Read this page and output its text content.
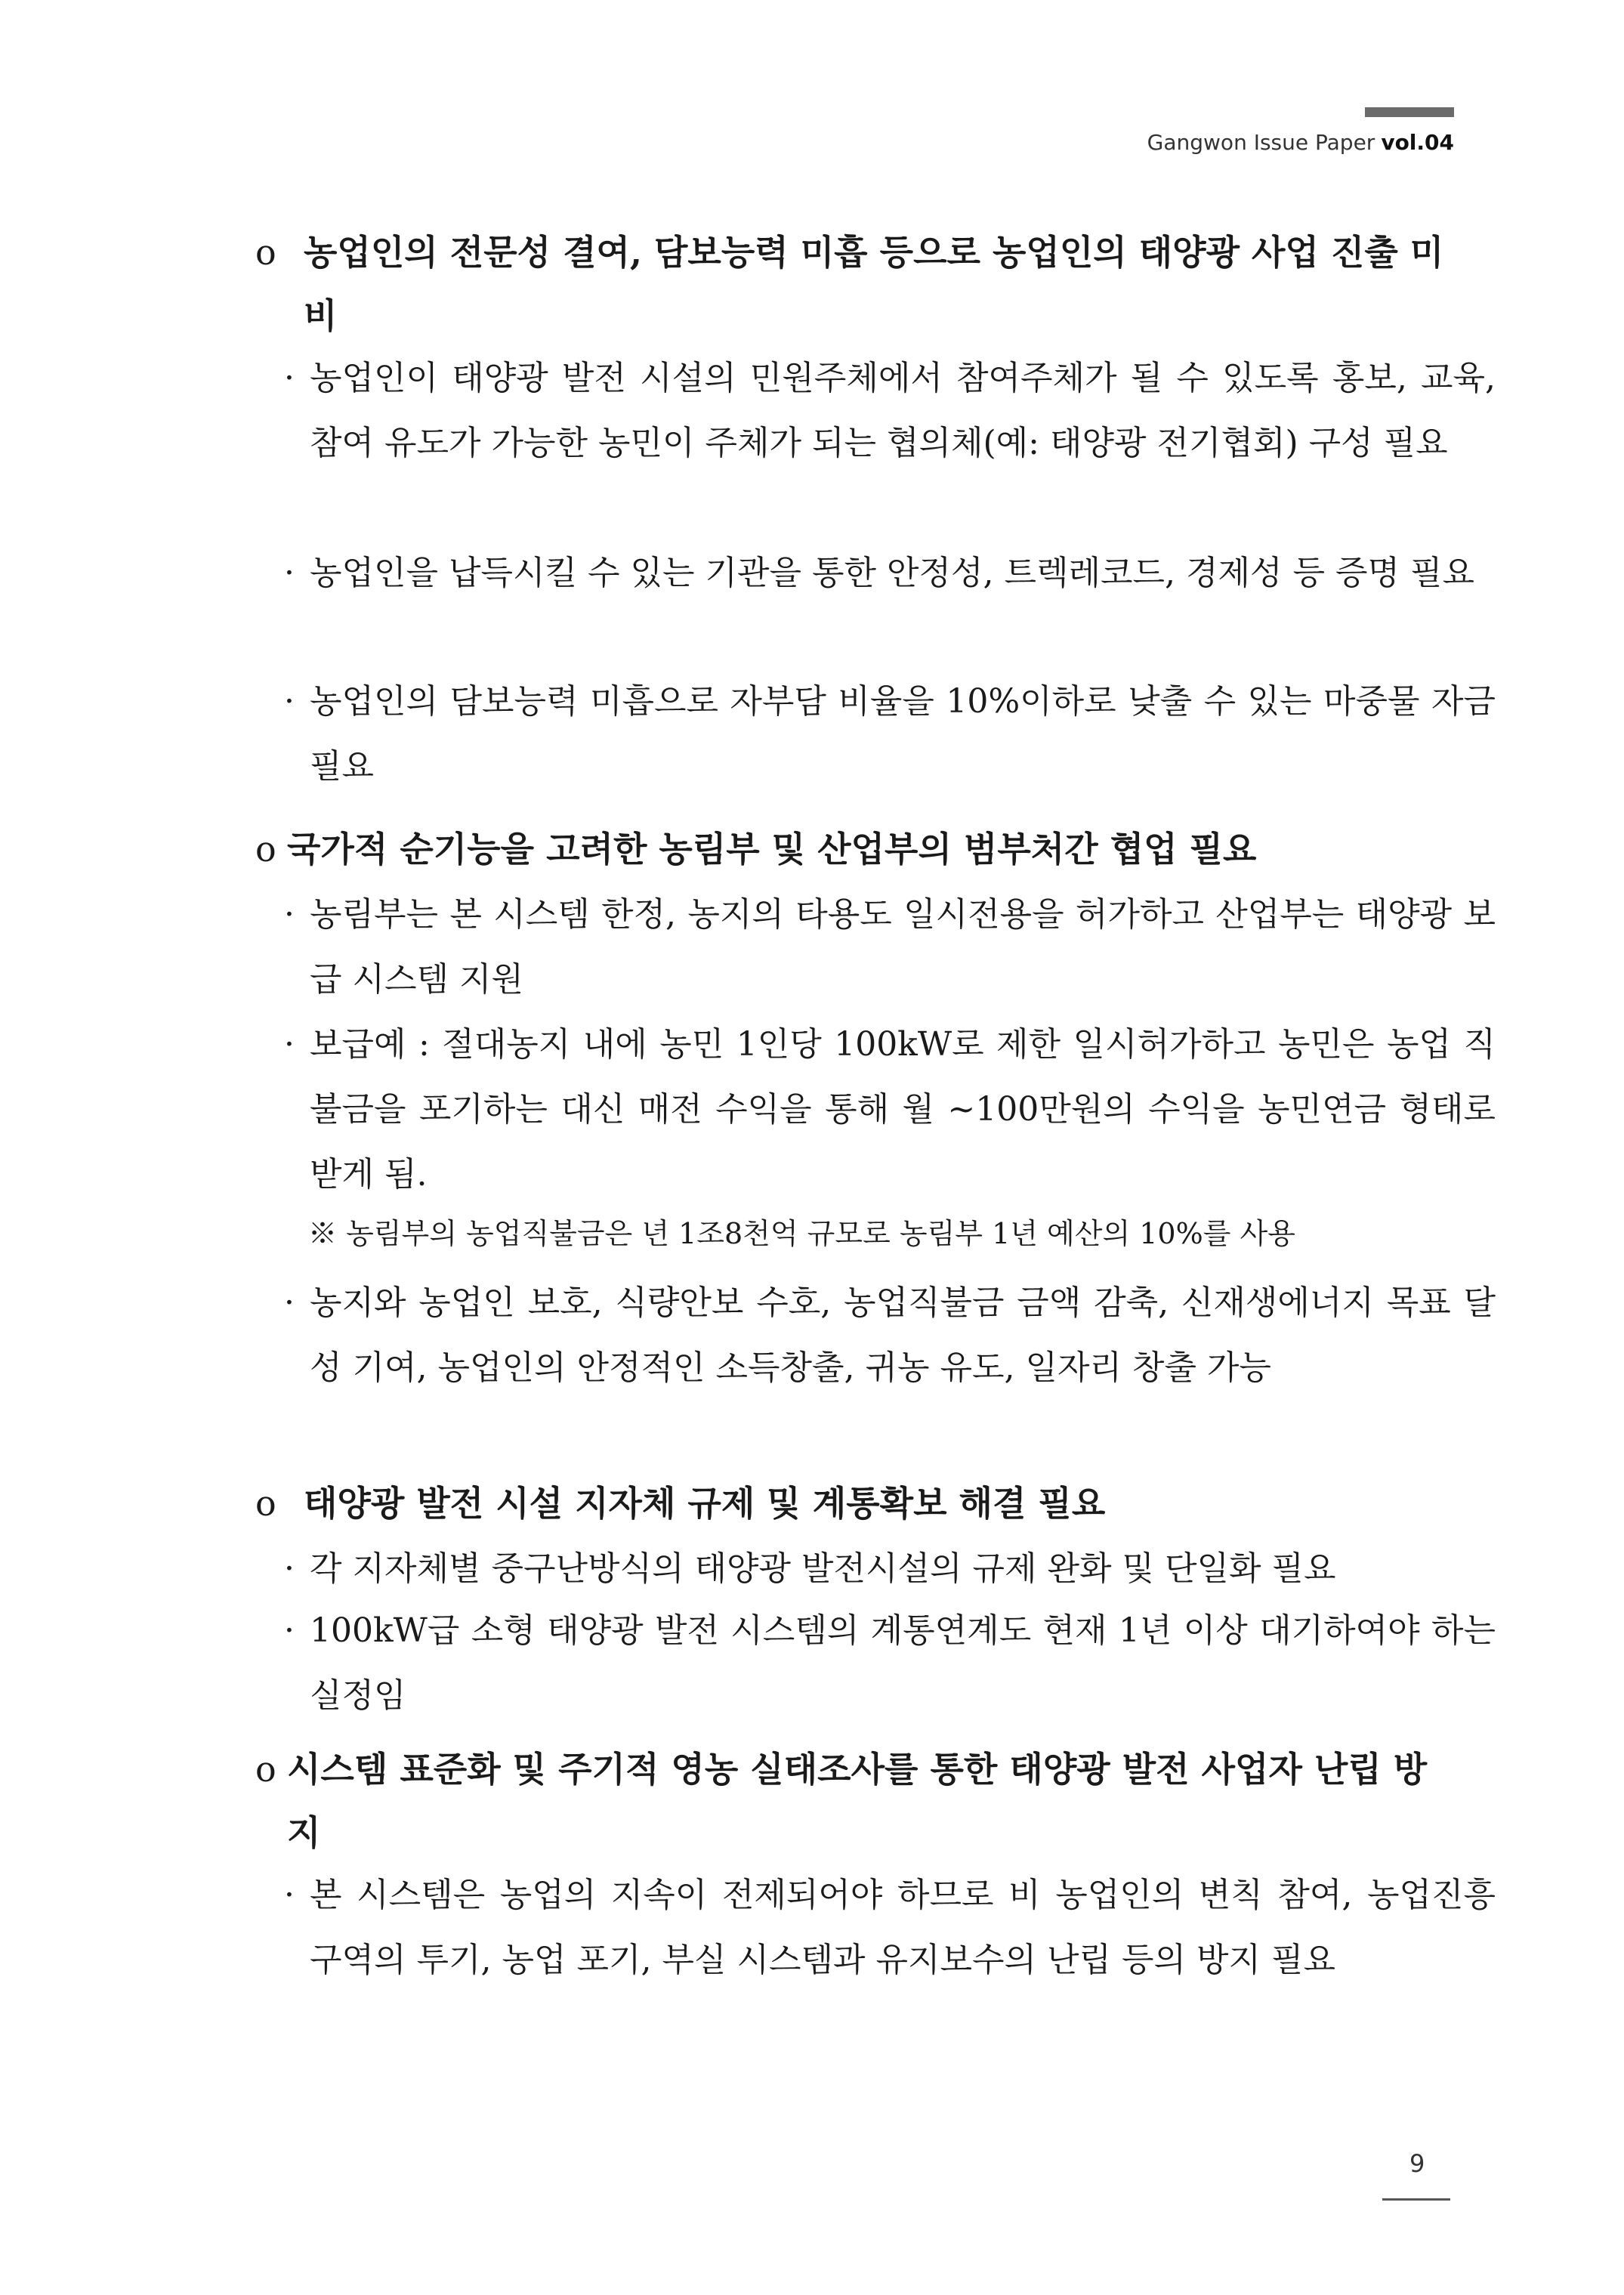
Gangwon Issue Paper vol.04
o 농업인의 전문성 결여, 담보능력 미흡 등으로 농업인의 태양광 사업 진출 미비
· 농업인이 태양광 발전 시설의 민원주체에서 참여주체가 될 수 있도록 홍보, 교육, 참여 유도가 가능한 농민이 주체가 되는 협의체(예: 태양광 전기협회) 구성 필요
· 농업인을 납득시킬 수 있는 기관을 통한 안정성, 트렉레코드, 경제성 등 증명 필요
· 농업인의 담보능력 미흡으로 자부담 비율을 10%이하로 낮출 수 있는 마중물 자금 필요
o 국가적 순기능을 고려한 농림부 및 산업부의 범부처간 협업 필요
· 농림부는 본 시스템 한정, 농지의 타용도 일시전용을 허가하고 산업부는 태양광 보급 시스템 지원
· 보급예 : 절대농지 내에 농민 1인당 100kW로 제한 일시허가하고 농민은 농업 직불금을 포기하는 대신 매전 수익을 통해 월 ~100만원의 수익을 농민연금 형태로 받게 됨.
※ 농림부의 농업직불금은 년 1조8천억 규모로 농림부 1년 예산의 10%를 사용
· 농지와 농업인 보호, 식량안보 수호, 농업직불금 금액 감축, 신재생에너지 목표 달성 기여, 농업인의 안정적인 소득창출, 귀농 유도, 일자리 창출 가능
o 태양광 발전 시설 지자체 규제 및 계통확보 해결 필요
· 각 지자체별 중구난방식의 태양광 발전시설의 규제 완화 및 단일화 필요
· 100kW급 소형 태양광 발전 시스템의 계통연계도 현재 1년 이상 대기하여야 하는 실정임
o 시스템 표준화 및 주기적 영농 실태조사를 통한 태양광 발전 사업자 난립 방지
· 본 시스템은 농업의 지속이 전제되어야 하므로 비 농업인의 변칙 참여, 농업진흥 구역의 투기, 농업 포기, 부실 시스템과 유지보수의 난립 등의 방지 필요
9
